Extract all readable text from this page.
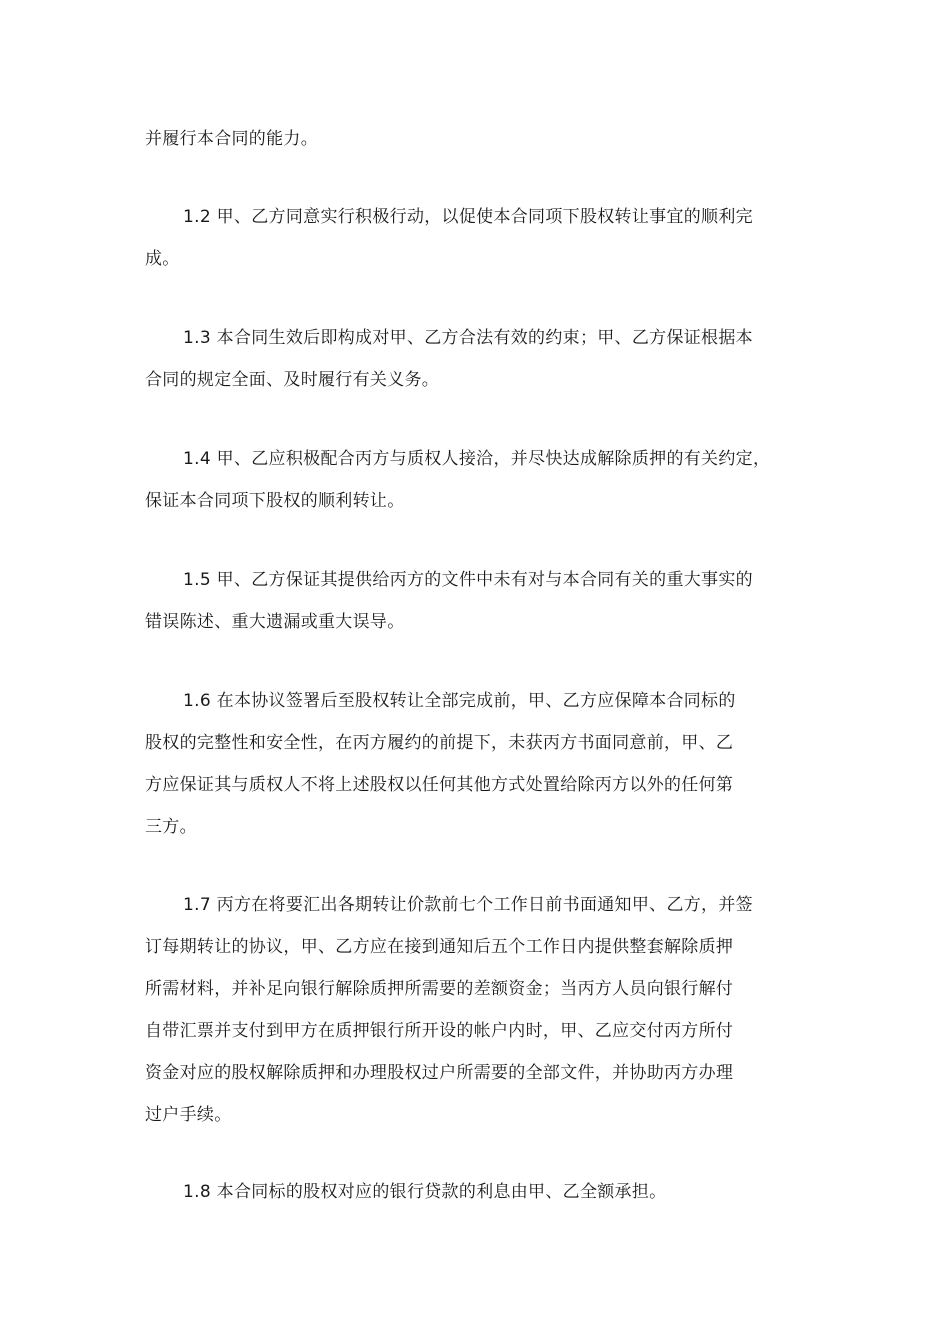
并履行本合同的能力。
1.2 甲、乙方同意实行积极行动，以促使本合同项下股权转让事宜的顺利完
成。
1.3 本合同生效后即构成对甲、乙方合法有效的约束；甲、乙方保证根据本
合同的规定全面、及时履行有关义务。
1.4 甲、乙应积极配合丙方与质权人接洽，并尽快达成解除质押的有关约定，
保证本合同项下股权的顺利转让。
1.5 甲、乙方保证其提供给丙方的文件中未有对与本合同有关的重大事实的
错误陈述、重大遗漏或重大误导。
1.6 在本协议签署后至股权转让全部完成前，甲、乙方应保障本合同标的
股权的完整性和安全性，在丙方履约的前提下，未获丙方书面同意前，甲、乙
方应保证其与质权人不将上述股权以任何其他方式处置给除丙方以外的任何第
三方。
1.7 丙方在将要汇出各期转让价款前七个工作日前书面通知甲、乙方，并签
订每期转让的协议，甲、乙方应在接到通知后五个工作日内提供整套解除质押
所需材料，并补足向银行解除质押所需要的差额资金；当丙方人员向银行解付
自带汇票并支付到甲方在质押银行所开设的帐户内时，甲、乙应交付丙方所付
资金对应的股权解除质押和办理股权过户所需要的全部文件，并协助丙方办理
过户手续。
1.8 本合同标的股权对应的银行贷款的利息由甲、乙全额承担。
